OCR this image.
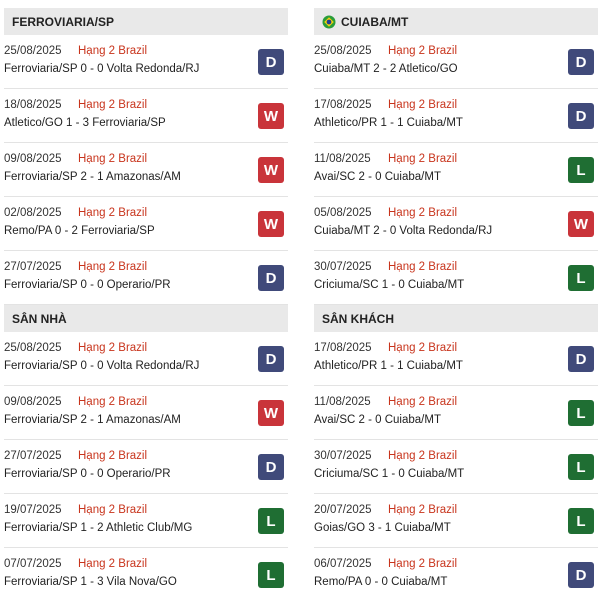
FERROVIARIA/SP
25/08/2025 Hạng 2 Brazil
Ferroviaria/SP 0 - 0 Volta Redonda/RJ	D
18/08/2025 Hạng 2 Brazil
Atletico/GO 1 - 3 Ferroviaria/SP	W
09/08/2025 Hạng 2 Brazil
Ferroviaria/SP 2 - 1 Amazonas/AM	W
02/08/2025 Hạng 2 Brazil
Remo/PA 0 - 2 Ferroviaria/SP	W
27/07/2025 Hạng 2 Brazil
Ferroviaria/SP 0 - 0 Operario/PR	D
CUIABA/MT
25/08/2025 Hạng 2 Brazil
Cuiaba/MT 2 - 2 Atletico/GO	D
17/08/2025 Hạng 2 Brazil
Athletico/PR 1 - 1 Cuiaba/MT	D
11/08/2025 Hạng 2 Brazil
Avai/SC 2 - 0 Cuiaba/MT	L
05/08/2025 Hạng 2 Brazil
Cuiaba/MT 2 - 0 Volta Redonda/RJ	W
30/07/2025 Hạng 2 Brazil
Criciuma/SC 1 - 0 Cuiaba/MT	L
SÂN NHÀ
25/08/2025 Hạng 2 Brazil
Ferroviaria/SP 0 - 0 Volta Redonda/RJ	D
09/08/2025 Hạng 2 Brazil
Ferroviaria/SP 2 - 1 Amazonas/AM	W
27/07/2025 Hạng 2 Brazil
Ferroviaria/SP 0 - 0 Operario/PR	D
19/07/2025 Hạng 2 Brazil
Ferroviaria/SP 1 - 2 Athletic Club/MG	L
07/07/2025 Hạng 2 Brazil
Ferroviaria/SP 1 - 3 Vila Nova/GO	L
SÂN KHÁCH
17/08/2025 Hạng 2 Brazil
Athletico/PR 1 - 1 Cuiaba/MT	D
11/08/2025 Hạng 2 Brazil
Avai/SC 2 - 0 Cuiaba/MT	L
30/07/2025 Hạng 2 Brazil
Criciuma/SC 1 - 0 Cuiaba/MT	L
20/07/2025 Hạng 2 Brazil
Goias/GO 3 - 1 Cuiaba/MT	L
06/07/2025 Hạng 2 Brazil
Remo/PA 0 - 0 Cuiaba/MT	D
